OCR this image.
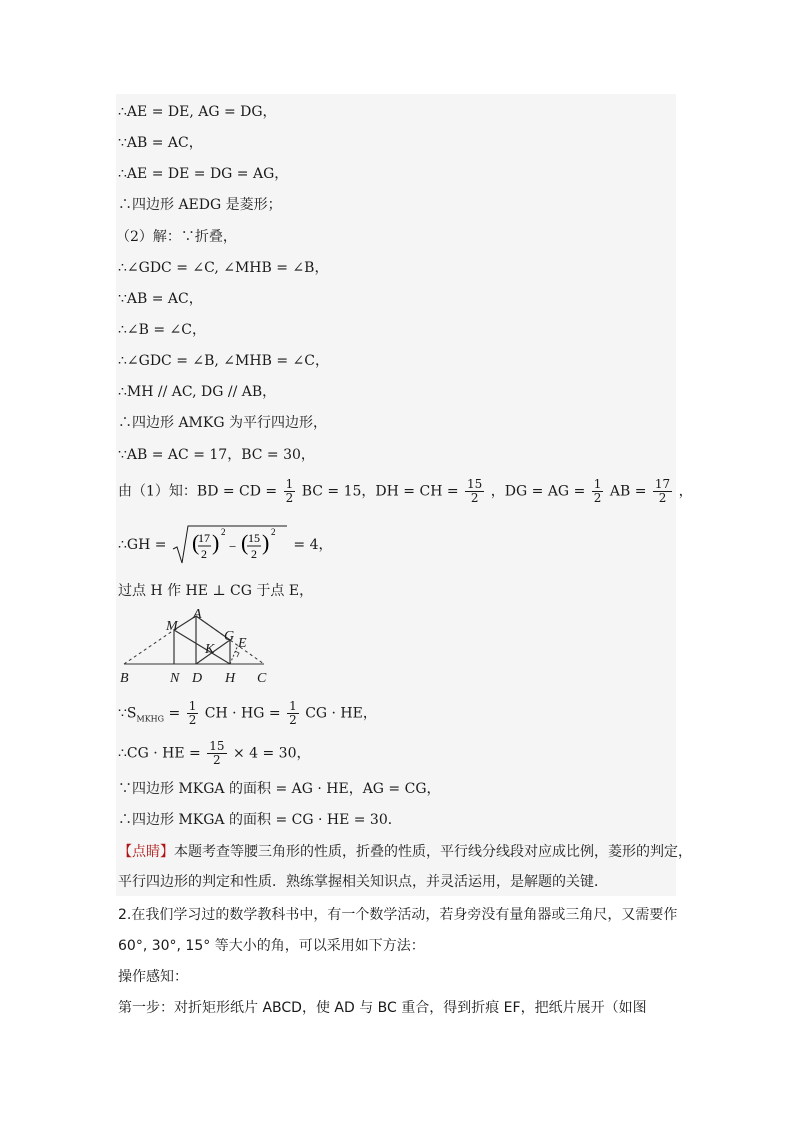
∴AE = DE, AG = DG，
∵AB = AC，
∴AE = DE = DG = AG，
∴四边形 AEDG 是菱形；
（2）解：∵折叠，
∴∠GDC = ∠C, ∠MHB = ∠B，
∵AB = AC，
∴∠B = ∠C，
∴∠GDC = ∠B, ∠MHB = ∠C，
∴MH // AC, DG // AB，
∴四边形 AMKG 为平行四边形，
∵AB = AC = 17，BC = 30，
由（1）知：BD = CD = $\frac{1}{2}$ BC = 15，DH = CH = $\frac{15}{2}$ ，DG = AG = $\frac{1}{2}$ AB = $\frac{17}{2}$ ，
∴GH = (
17
2 ) 2
− ( 15
2 ) 2
= 4，
过点 H 作 HE ⊥ CG 于点 E，
A
M
G E
K
B	N D H C
$\because S_{MKHG} = \frac{1}{2}$ CH · HG = $\frac{1}{2}$ CG · HE，
∴CG · HE = $\frac{15}{2} \times 4 = 30$，
∵四边形 MKGA 的面积 = AG · HE，AG = CG，
∴四边形 MKGA 的面积 = CG · HE = 30．
【点睛】本题考查等腰三角形的性质，折叠的性质，平行线分线段对应成比例，菱形的判定，
平行四边形的判定和性质．熟练掌握相关知识点，并灵活运用，是解题的关键．
2.在我们学习过的数学教科书中，有一个数学活动，若身旁没有量角器或三角尺，又需要作
60°, 30°, 15° 等大小的角，可以采用如下方法：
操作感知：
第一步：对折矩形纸片 ABCD，使 AD 与 BC 重合，得到折痕 EF，把纸片展开（如图
